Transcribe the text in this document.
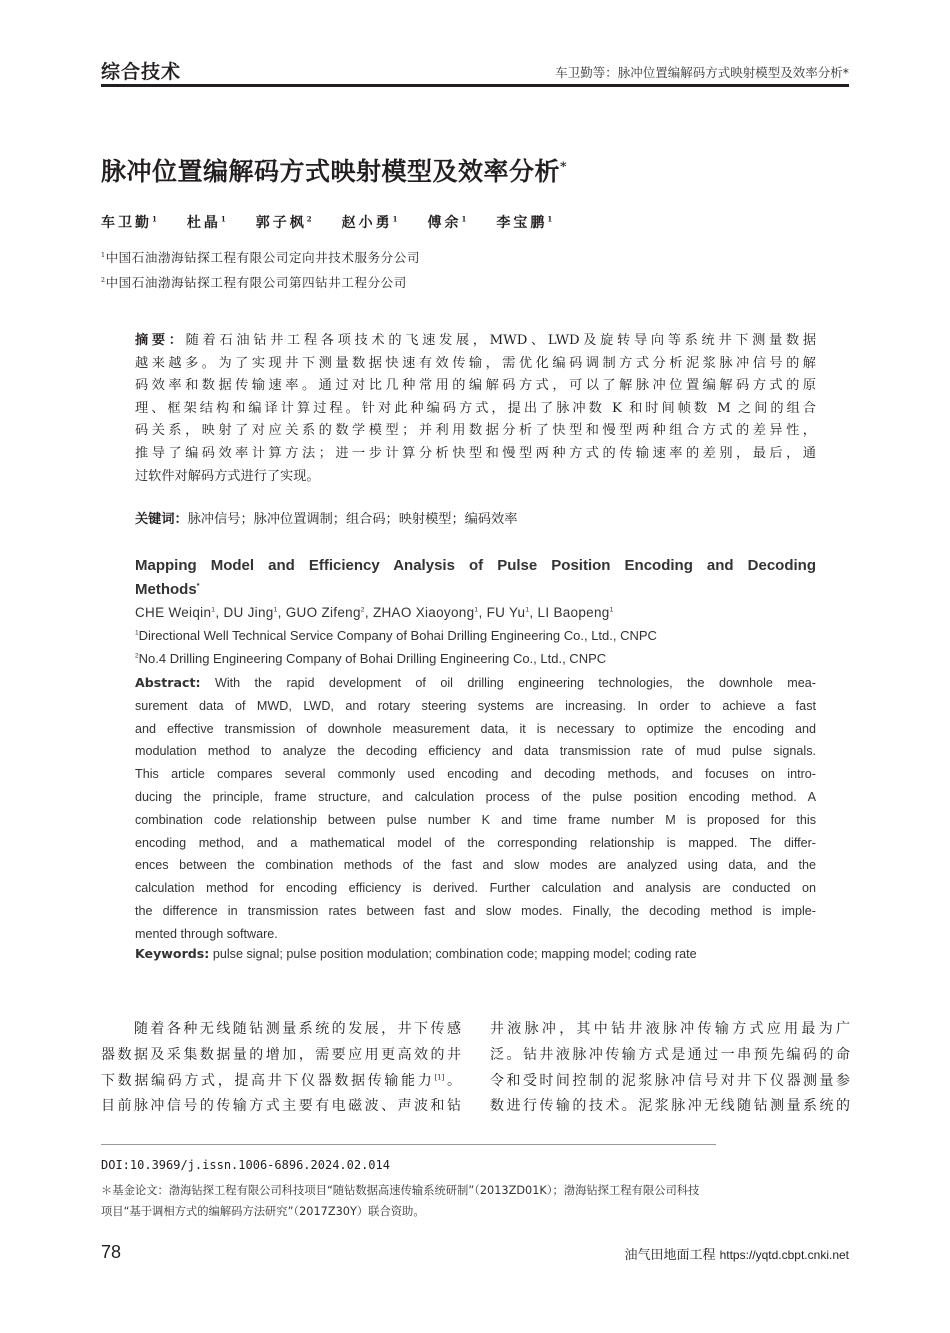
综合技术	车卫勤等：脉冲位置编解码方式映射模型及效率分析*
脉冲位置编解码方式映射模型及效率分析*
车卫勤$^1$ 杜晶$^1$ 郭子枫$^2$ 赵小勇$^1$ 傅余$^1$ 李宝鹏$^1$
$^1$中国石油渤海钻探工程有限公司定向井技术服务分公司
$^2$中国石油渤海钻探工程有限公司第四钻井工程分公司

摘要：随着石油钻井工程各项技术的飞速发展，MWD、LWD及旋转导向等系统井下测量数据

越来越多。为了实现井下测量数据快速有效传输，需优化编码调制方式分析泥浆脉冲信号的解

码效率和数据传输速率。通过对比几种常用的编解码方式，可以了解脉冲位置编解码方式的原

理、框架结构和编译计算过程。针对此种编码方式，提出了脉冲数 K 和时间帧数 M 之间的组合

码关系，映射了对应关系的数学模型；并利用数据分析了快型和慢型两种组合方式的差异性，

推导了编码效率计算方法；进一步计算分析快型和慢型两种方式的传输速率的差别，最后，通

过软件对解码方式进行了实现。

关键词：脉冲信号；脉冲位置调制；组合码；映射模型；编码效率
Mapping Model and Efficiency Analysis of Pulse Position Encoding and Decoding
Methods*
CHE Weiqin$^1$, DU Jing$^1$, GUO Zifeng$^2$, ZHAO Xiaoyong$^1$, FU Yu$^1$, LI Baopeng$^1$
$^1$Directional Well Technical Service Company of Bohai Drilling Engineering Co., Ltd., CNPC
$^2$No.4 Drilling Engineering Company of Bohai Drilling Engineering Co., Ltd., CNPC
Abstract: With the rapid development of oil drilling engineering technologies, the downhole mea-
surement data of MWD, LWD, and rotary steering systems are increasing. In order to achieve a fast
and effective transmission of downhole measurement data, it is necessary to optimize the encoding and
modulation method to analyze the decoding efficiency and data transmission rate of mud pulse signals.
This article compares several commonly used encoding and decoding methods, and focuses on intro-
ducing the principle, frame structure, and calculation process of the pulse position encoding method. A
combination code relationship between pulse number K and time frame number M is proposed for this
encoding method, and a mathematical model of the corresponding relationship is mapped. The differ-
ences between the combination methods of the fast and slow modes are analyzed using data, and the
calculation method for encoding efficiency is derived. Further calculation and analysis are conducted on
the difference in transmission rates between fast and slow modes. Finally, the decoding method is imple-
mented through software.
Keywords: pulse signal; pulse position modulation; combination code; mapping model; coding rate
　　随着各种无线随钻测量系统的发展，井下传感
器数据及采集数据量的增加，需要应用更高效的井
下数据编码方式，提高井下仪器数据传输能力[1]。
目前脉冲信号的传输方式主要有电磁波、声波和钻
井液脉冲，其中钻井液脉冲传输方式应用最为广
泛。钻井液脉冲传输方式是通过一串预先编码的命
令和受时间控制的泥浆脉冲信号对井下仪器测量参
数进行传输的技术。泥浆脉冲无线随钻测量系统的
DOI:10.3969/j.issn.1006-6896.2024.02.014
＊基金论文：渤海钻探工程有限公司科技项目“随钻数据高速传输系统研制”（2013ZD01K）；渤海钻探工程有限公司科技
项目“基于调相方式的编解码方法研究”（2017Z30Y）联合资助。
78	油气田地面工程 https://yqtd.cbpt.cnki.net
